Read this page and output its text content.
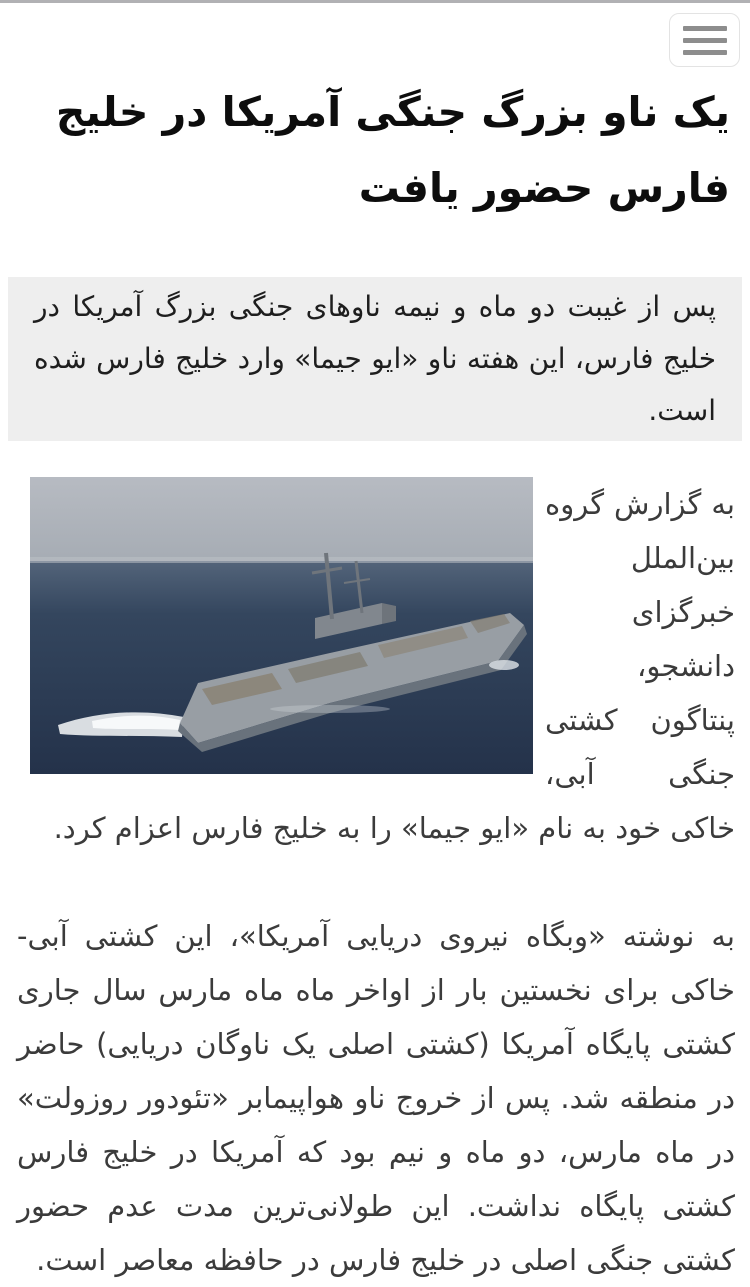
یک ناو بزرگ جنگی آمریکا در خلیج فارس حضور یافت
پس از غیبت دو ماه و نیمه ناوهای جنگی بزرگ آمریکا در خلیج فارس، این هفته ناو «ایو جیما» وارد خلیج فارس شده است.

به گزارش گروه بین‌الملل خبرگزای دانشجو، پنتاگون کشتی جنگی آبی، خاکی خود به نام «ایو جیما» را به خلیج فارس اعزام کرد.

به نوشته «وبگاه نیروی دریایی آمریکا»، این کشتی آبی-خاکی برای نخستین بار از اواخر ماه ماه مارس سال جاری کشتی پایگاه آمریکا (کشتی اصلی یک ناوگان دریایی) حاضر در منطقه شد. پس از خروج ناو هواپیمابر «تئودور روزولت» در ماه مارس، دو ماه و نیم بود که آمریکا در خلیج فارس کشتی پایگاه نداشت. این طولانی‌ترین مدت عدم حضور کشتی جنگی اصلی در خلیج فارس در حافظه معاصر است.
